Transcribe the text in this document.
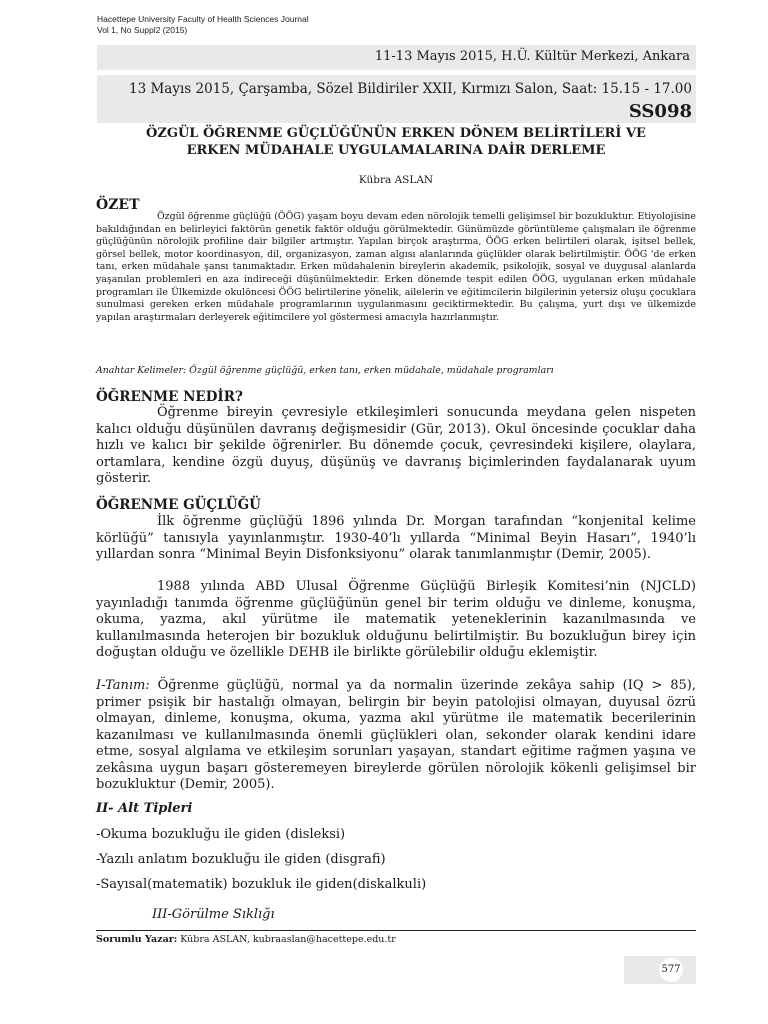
Hacettepe University Faculty of Health Sciences Journal
Vol 1, No Suppl2 (2015)
11-13 Mayıs 2015, H.Ü. Kültür Merkezi, Ankara
13 Mayıs 2015, Çarşamba, Sözel Bildiriler XXII, Kırmızı Salon, Saat: 15.15 - 17.00
SS098
ÖZGÜL ÖĞRENME GÜÇLÜĞÜNÜN ERKEN DÖNEM BELİRTİLERİ VE
ERKEN MÜDAHALE UYGULAMALARINA DAİR DERLEME
Kübra ASLAN
ÖZET

Özgül öğrenme güçlüğü (ÖÖG) yaşam boyu devam eden nörolojik temelli gelişimsel bir bozukluktur. Etiyolojisine bakıldığından en belirleyici faktörün genetik faktör olduğu görülmektedir. Günümüzde görüntüleme çalışmaları ile öğrenme güçlüğünün nörolojik profiline dair bilgiler artmıştır. Yapılan birçok araştırma, ÖÖG erken belirtileri olarak, işitsel bellek, görsel bellek, motor koordinasyon, dil, organizasyon, zaman algısı alanlarında güçlükler olarak belirtilmiştir. ÖÖG 'de erken tanı, erken müdahale şansı tanımaktadır. Erken müdahalenin bireylerin akademik, psikolojik, sosyal ve duygusal alanlarda yaşanılan problemleri en aza indireceği düşünülmektedir. Erken dönemde tespit edilen ÖÖG, uygulanan erken müdahale programları ile Ülkemizde okulöncesi ÖÖG belirtilerine yönelik, ailelerin ve eğitimcilerin bilgilerinin yetersiz oluşu çocuklara sunulmasi gereken erken müdahale programlarının uygulanmasını geciktirmektedir. Bu çalışma, yurt dışı ve ülkemizde yapılan araştırmaları derleyerek eğitimcilere yol göstermesi amacıyla hazırlanmıştır.

Anahtar Kelimeler: Özgül öğrenme güçlüğü, erken tanı, erken müdahale, müdahale programları
ÖĞRENME NEDİR?

Öğrenme bireyin çevresiyle etkileşimleri sonucunda meydana gelen nispeten kalıcı olduğu düşünülen davranış değişmesidir (Gür, 2013). Okul öncesinde çocuklar daha hızlı ve kalıcı bir şekilde öğrenirler. Bu dönemde çocuk, çevresindeki kişilere, olaylara, ortamlara, kendine özgü duyuş, düşünüş ve davranış biçimlerinden faydalanarak uyum gösterir.

ÖĞRENME GÜÇLÜĞÜ

İlk öğrenme güçlüğü 1896 yılında Dr. Morgan tarafından “konjenital kelime körlüğü” tanısıyla yayınlanmıştır. 1930-40’lı yıllarda “Minimal Beyin Hasarı”, 1940’lı yıllardan sonra “Minimal Beyin Disfonksiyonu” olarak tanımlanmıştır (Demir, 2005).

1988 yılında ABD Ulusal Öğrenme Güçlüğü Birleşik Komitesi’nin (NJCLD) yayınladığı tanımda öğrenme güçlüğünün genel bir terim olduğu ve dinleme, konuşma, okuma, yazma, akıl yürütme ile matematik yeteneklerinin kazanılmasında ve kullanılmasında heterojen bir bozukluk olduğunu belirtilmiştir. Bu bozukluğun birey için doğuştan olduğu ve özellikle DEHB ile birlikte görülebilir olduğu eklemiştir.

I-Tanım: Öğrenme güçlüğü, normal ya da normalin üzerinde zekâya sahip (IQ > 85), primer psişik bir hastalığı olmayan, belirgin bir beyin patolojisi olmayan, duyusal özrü olmayan, dinleme, konuşma, okuma, yazma akıl yürütme ile matematik becerilerinin kazanılması ve kullanılmasında önemli güçlükleri olan, sekonder olarak kendini idare etme, sosyal algılama ve etkileşim sorunları yaşayan, standart eğitime rağmen yaşına ve zekâsına uygun başarı gösteremeyen bireylerde görülen nörolojik kökenli gelişimsel bir bozukluktur (Demir, 2005).

II- Alt Tipleri
-Okuma bozukluğu ile giden (disleksi)
-Yazılı anlatım bozukluğu ile giden (disgrafi)
-Sayısal(matematik) bozukluk ile giden(diskalkuli)
III-Görülme Sıklığı
Sorumlu Yazar: Kübra ASLAN, kubraaslan@hacettepe.edu.tr
577
